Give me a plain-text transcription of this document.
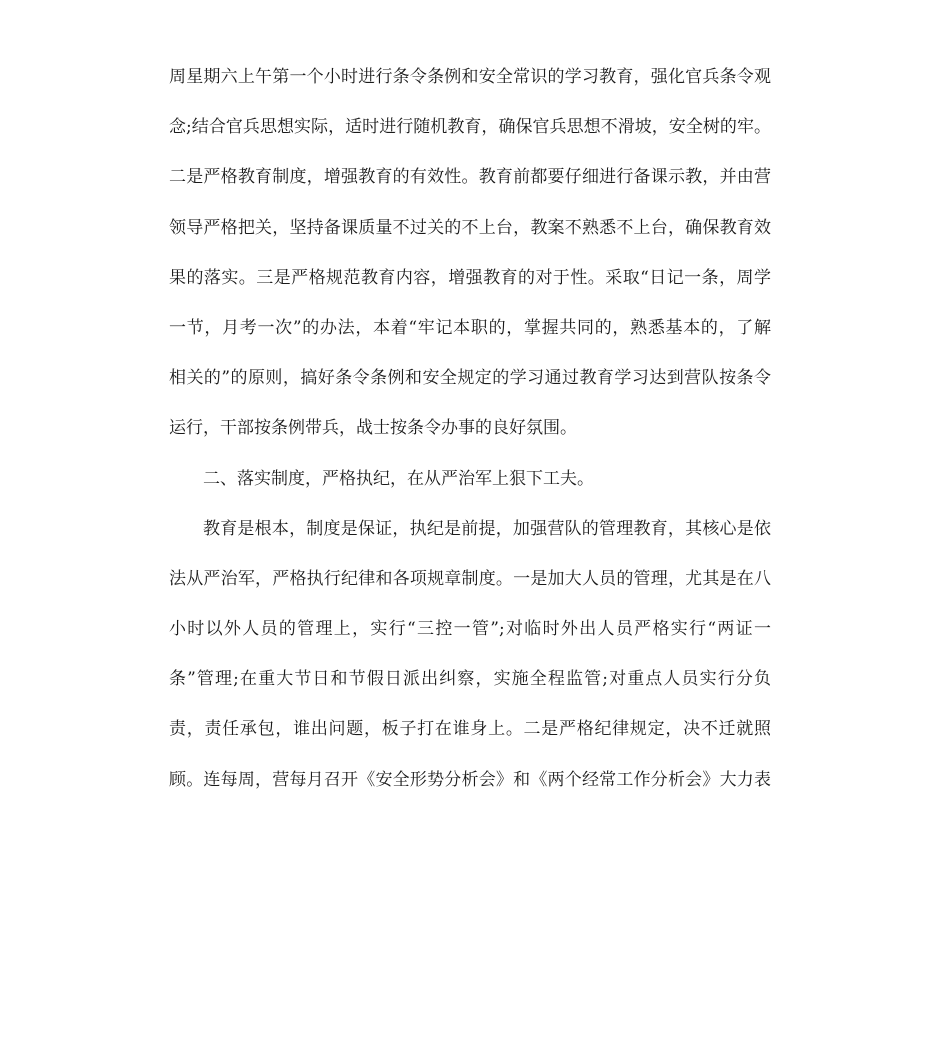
周星期六上午第一个小时进行条令条例和安全常识的学习教育，强化官兵条令观
念;结合官兵思想实际，适时进行随机教育，确保官兵思想不滑坡，安全树的牢。
二是严格教育制度，增强教育的有效性。教育前都要仔细进行备课示教，并由营
领导严格把关，坚持备课质量不过关的不上台，教案不熟悉不上台，确保教育效
果的落实。三是严格规范教育内容，增强教育的对于性。采取“日记一条，周学
一节，月考一次”的办法，本着“牢记本职的，掌握共同的，熟悉基本的，了解
相关的”的原则，搞好条令条例和安全规定的学习通过教育学习达到营队按条令
运行，干部按条例带兵，战士按条令办事的良好氛围。
二、落实制度，严格执纪，在从严治军上狠下工夫。
教育是根本，制度是保证，执纪是前提，加强营队的管理教育，其核心是依
法从严治军，严格执行纪律和各项规章制度。一是加大人员的管理，尤其是在八
小时以外人员的管理上，实行“三控一管”;对临时外出人员严格实行“两证一
条”管理;在重大节日和节假日派出纠察，实施全程监管;对重点人员实行分负
责，责任承包，谁出问题，板子打在谁身上。二是严格纪律规定，决不迁就照
顾。连每周，营每月召开《安全形势分析会》和《两个经常工作分析会》大力表
